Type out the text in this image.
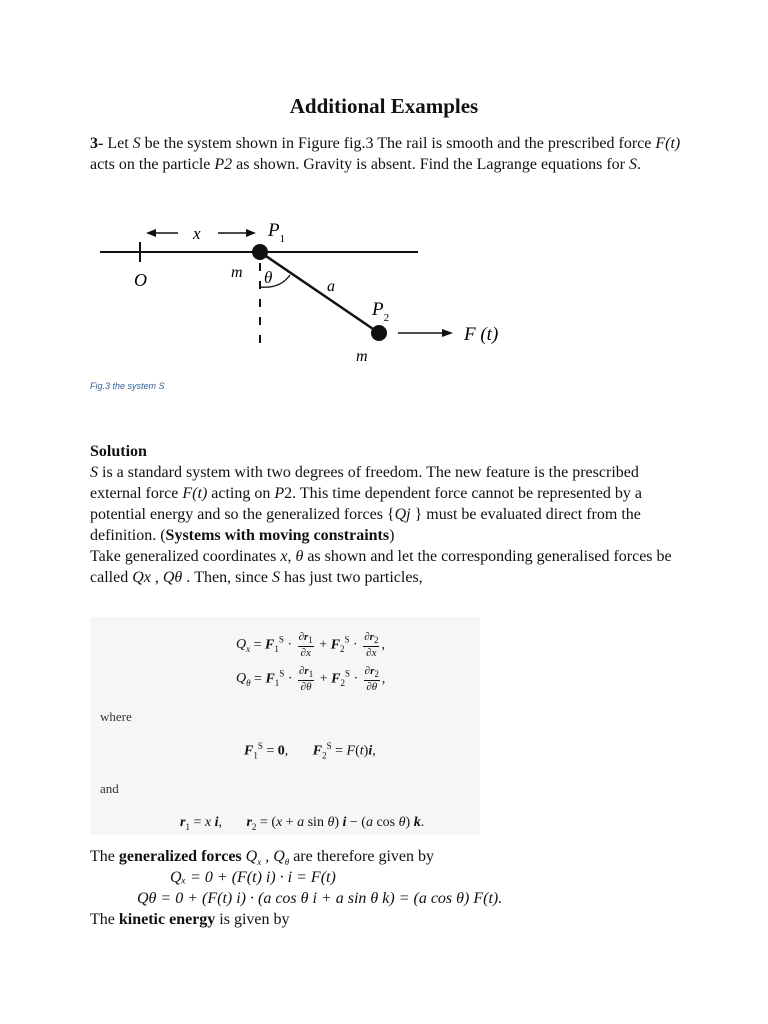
Additional Examples
3- Let S be the system shown in Figure fig.3 The rail is smooth and the prescribed force F(t) acts on the particle P2 as shown. Gravity is absent. Find the Lagrange equations for S.
x	$P_1$
O	m θ	a
$P_2$
m
F (t)
Fig.3 the system S
Solution
S is a standard system with two degrees of freedom. The new feature is the prescribed
external force F(t) acting on P2. This time dependent force cannot be represented by a potential energy and so the generalized forces {Qj } must be evaluated direct from the definition. (Systems with moving constraints)
Take generalized coordinates x, θ as shown and let the corresponding generalised forces be called Qx , Qθ . Then, since S has just two particles,
$Q_x = F_1^S \cdot \frac{\partial r_1}{\partial x} + F_2^S \cdot \frac{\partial r_2}{\partial x}$ ,
$Q_\theta = F_1^S \cdot \frac{\partial r_1}{\partial\theta} + F_2^S \cdot \frac{\partial r_2}{\partial\theta}$ ,
where
$F_1^S = 0$,       $F_2^S = F(t)i$,
and
$r_1 = x$ i,       $r_2 = (x + a$ sin θ) i − (a cos θ) k.
The generalized forces $Q_x$ , $Q_\theta$ are therefore given by
Qₓ = 0 + (F(t) i) · i = F(t)
Qθ = 0 + (F(t) i) · (a cos θ i + a sin θ k) = (a cos θ) F(t).
The kinetic energy is given by
